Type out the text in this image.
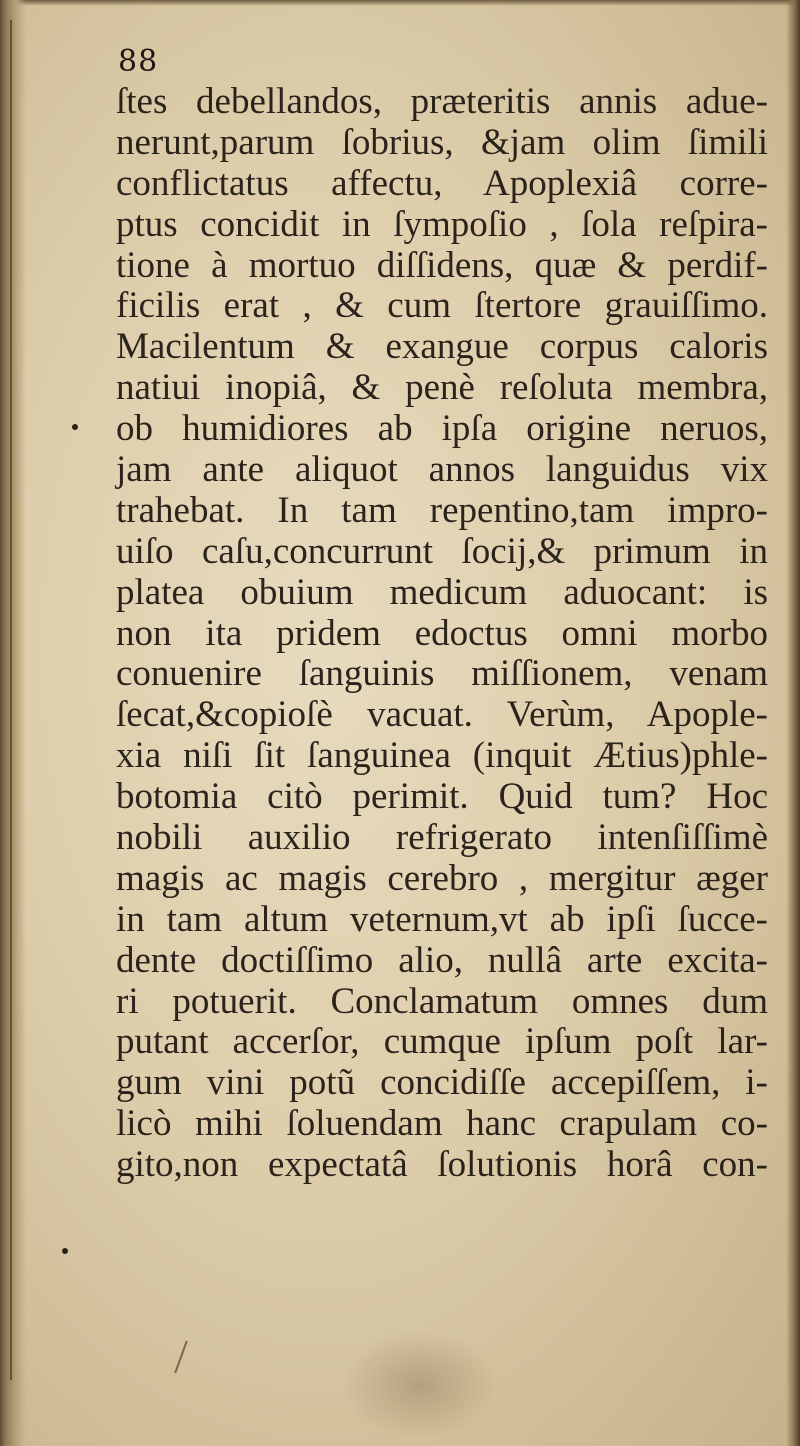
88
ſtes debellandos, præteritis annis adue-
nerunt,parum ſobrius, &jam olim ſimili
conflictatus affectu, Apoplexiâ corre-
ptus concidit in ſympoſio , ſola reſpira-
tione à mortuo diſſidens, quæ & perdif-
ficilis erat , & cum ſtertore grauiſſimo.
Macilentum & exangue corpus caloris
natiui inopiâ, & penè reſoluta membra,
ob humidiores ab ipſa origine neruos,
jam ante aliquot annos languidus vix
trahebat. In tam repentino,tam impro-
uiſo caſu,concurrunt ſocij,& primum in
platea obuium medicum aduocant: is
non ita pridem edoctus omni morbo
conuenire ſanguinis miſſionem, venam
ſecat,&copioſè vacuat. Verùm, Apople-
xia niſi ſit ſanguinea (inquit Ætius)phle-
botomia citò perimit. Quid tum? Hoc
nobili auxilio refrigerato intenſiſſimè
magis ac magis cerebro , mergitur æger
in tam altum veternum,vt ab ipſi ſucce-
dente doctiſſimo alio, nullâ arte excita-
ri potuerit. Conclamatum omnes dum
putant accerſor, cumque ipſum poſt lar-
gum vini potũ concidiſſe accepiſſem, i-
licò mihi ſoluendam hanc crapulam co-
gito,non expectatâ ſolutionis horâ con-
